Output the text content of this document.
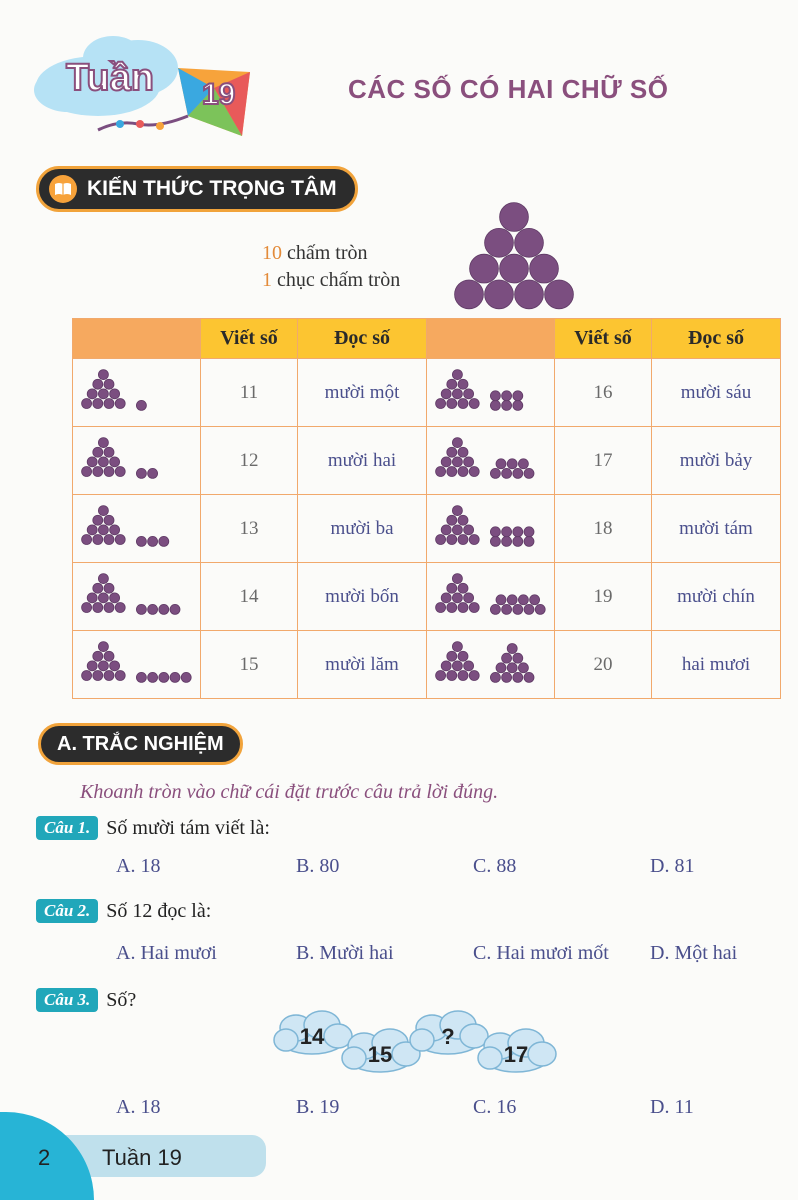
Tuần 19	CÁC SỐ CÓ HAI CHỮ SỐ
KIẾN THỨC TRỌNG TÂM
10 chấm tròn
1 chục chấm tròn
	Viết số	Đọc số		Viết số	Đọc số
	11	mười một		16	mười sáu
	12	mười hai		17	mười bảy
	13	mười ba		18	mười tám
	14	mười bốn		19	mười chín
	15	mười lăm		20	hai mươi
A. TRẮC NGHIỆM
Khoanh tròn vào chữ cái đặt trước câu trả lời đúng.
Câu 1. Số mười tám viết là:
A. 18	B. 80	C. 88	D. 81
Câu 2. Số 12 đọc là:
A. Hai mươi	B. Mười hai	C. Hai mươi mốt D. Một hai
Câu 3. Số?
14
15
?
17
A. 18	B. 19	C. 16	D. 11
2 Tuần 19
